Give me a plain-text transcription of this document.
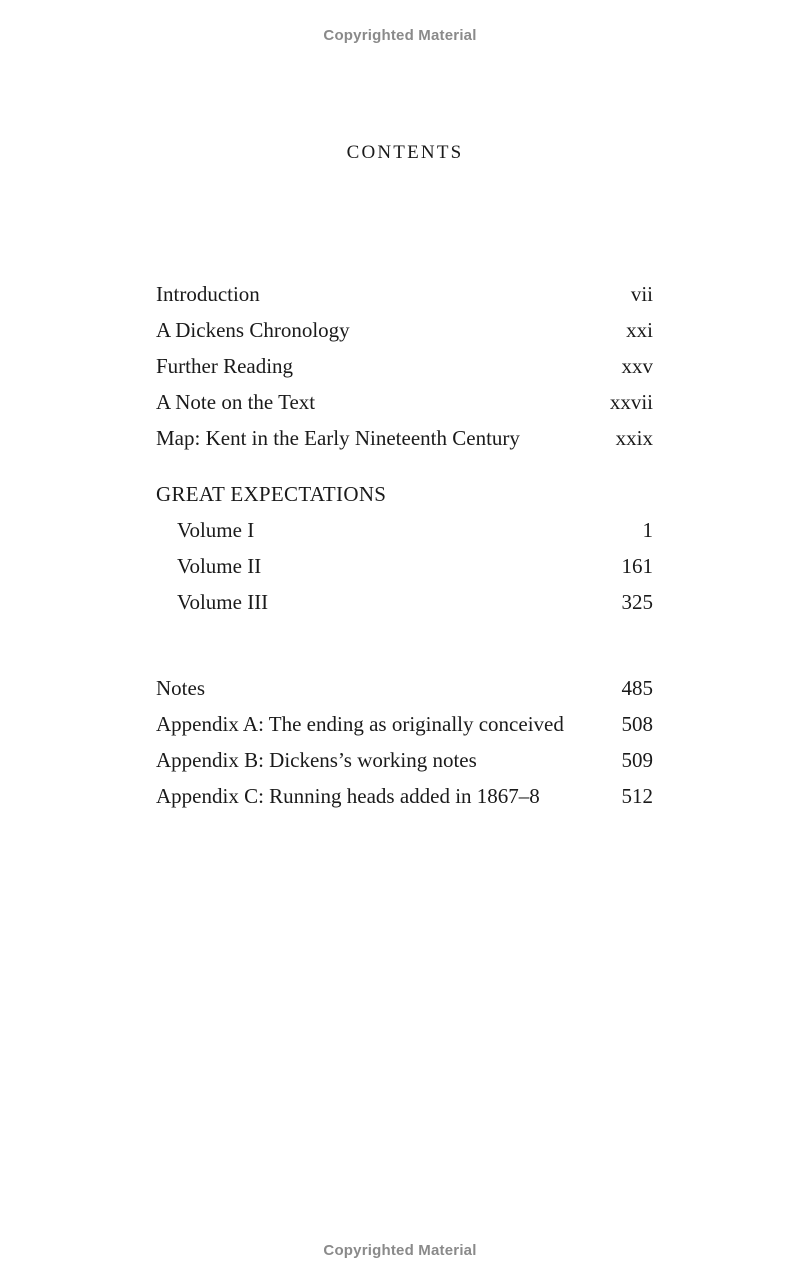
Copyrighted Material
CONTENTS
Introduction	vii
A Dickens Chronology	xxi
Further Reading	xxv
A Note on the Text	xxvii
Map: Kent in the Early Nineteenth Century	xxix
GREAT EXPECTATIONS
Volume I	1
Volume II	161
Volume III	325
Notes	485
Appendix A: The ending as originally conceived	508
Appendix B: Dickens’s working notes	509
Appendix C: Running heads added in 1867–8	512
Copyrighted Material
